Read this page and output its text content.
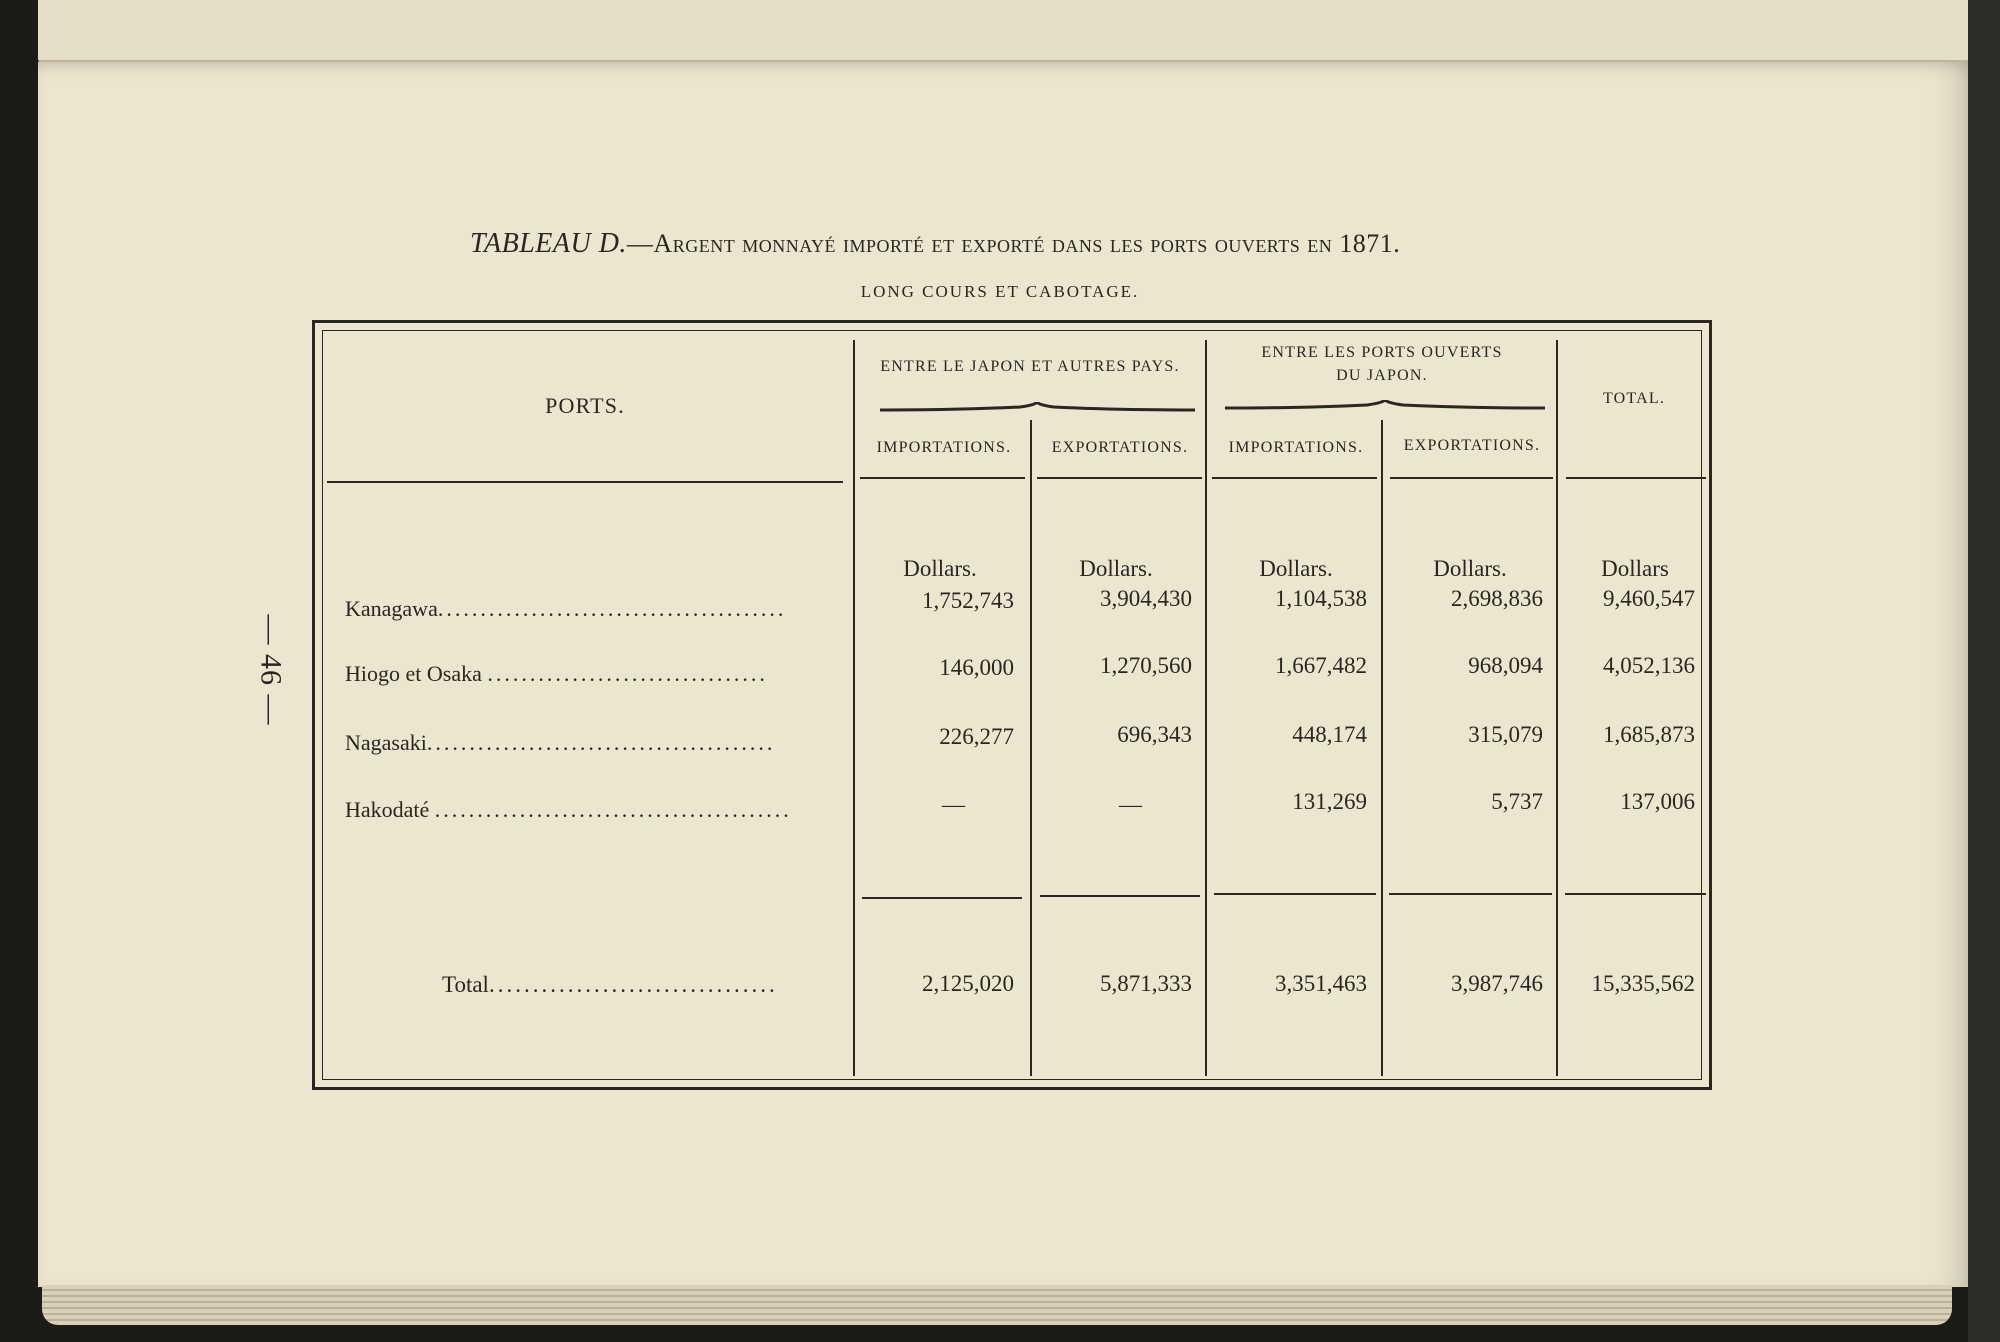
— 46 —
TABLEAU D.—Argent monnayé importé et exporté dans les ports ouverts en 1871.
LONG COURS ET CABOTAGE.
PORTS.
ENTRE LE JAPON ET AUTRES PAYS.
ENTRE LES PORTS OUVERTS
DU JAPON.
TOTAL.
IMPORTATIONS.	EXPORTATIONS.	IMPORTATIONS.	EXPORTATIONS.
Dollars.	Dollars.	Dollars.	Dollars.	Dollars
Kanagawa.........................................	1,752,743	3,904,430	1,104,538	2,698,836	9,460,547
Hiogo et Osaka .................................	146,000	1,270,560	1,667,482	968,094	4,052,136
Nagasaki.........................................	226,277	696,343	448,174	315,079	1,685,873
Hakodaté ..........................................	—	—	131,269	5,737	137,006
Total.................................	2,125,020	5,871,333	3,351,463	3,987,746	15,335,562
